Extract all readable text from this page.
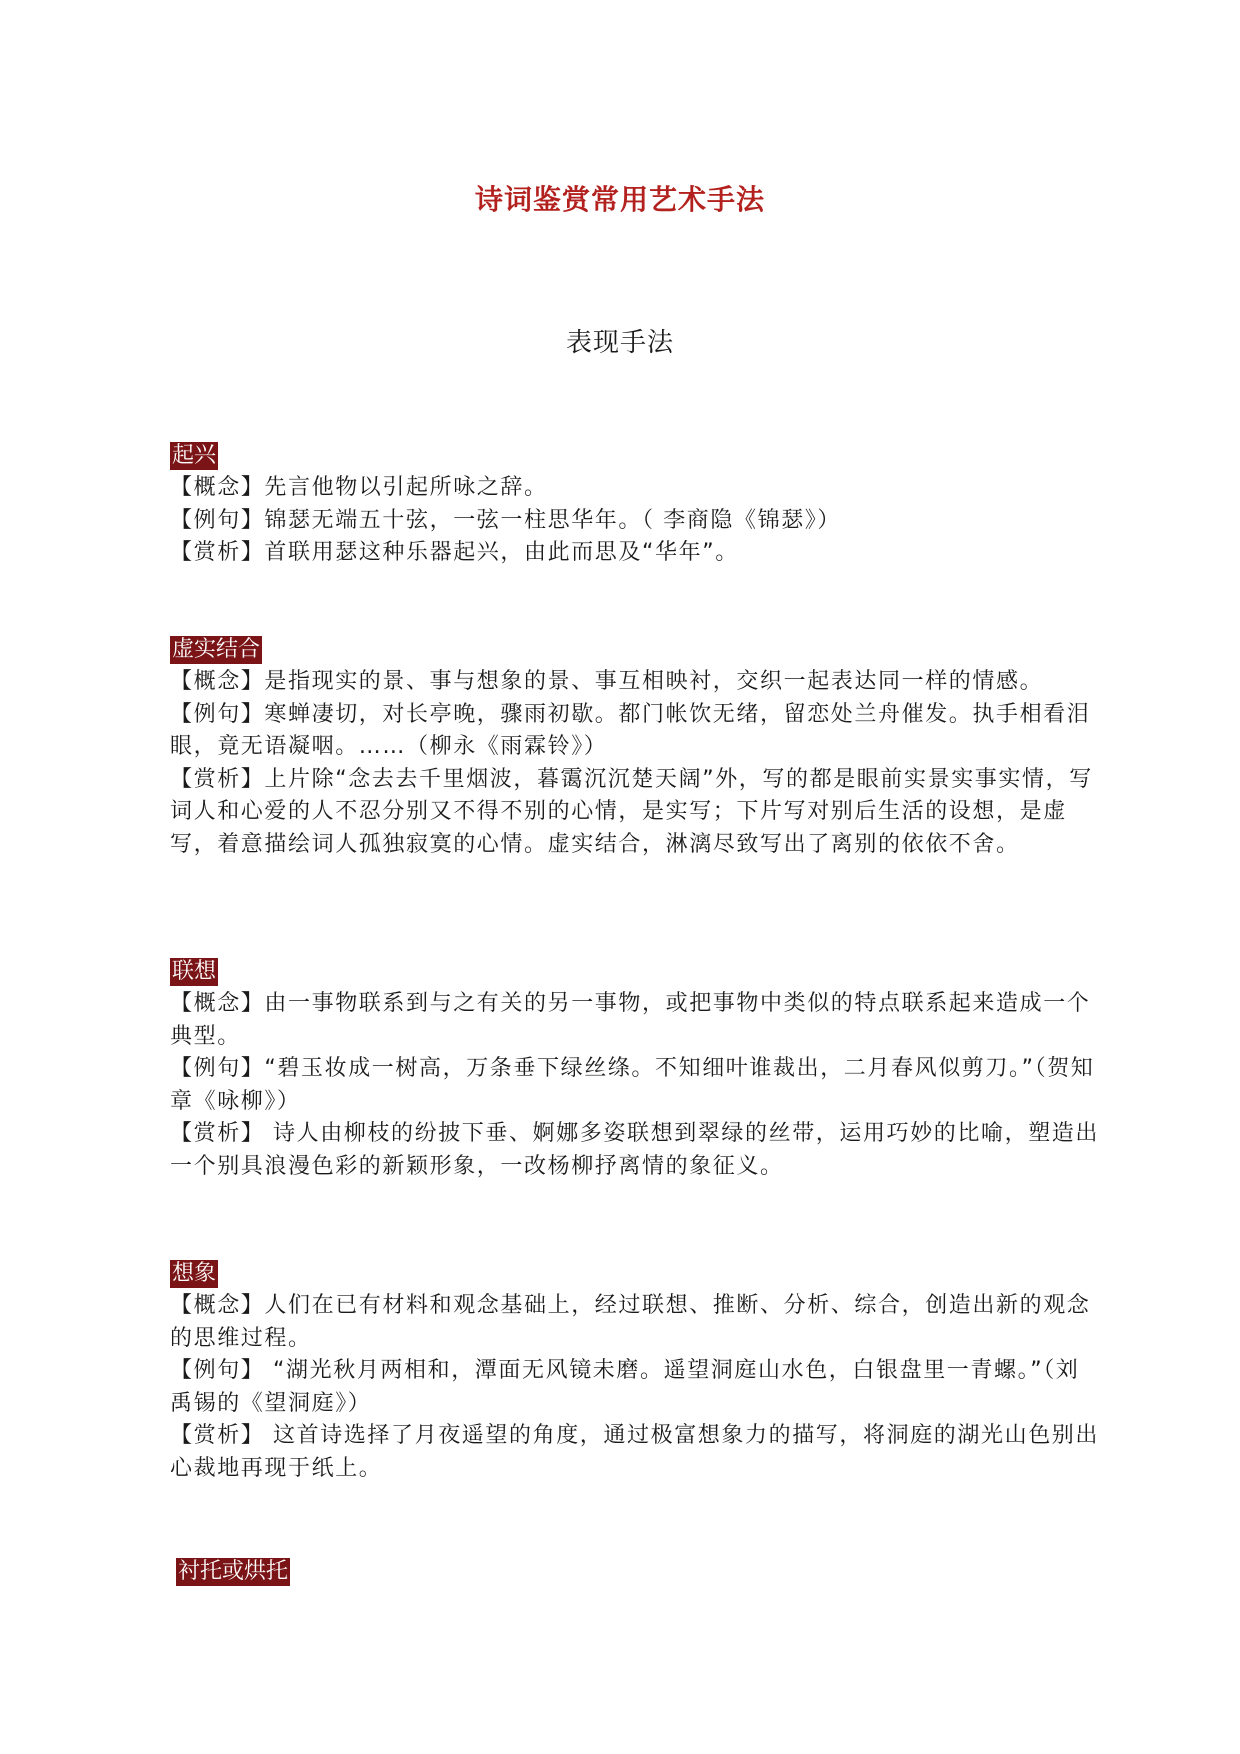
诗词鉴赏常用艺术手法
表现手法
起兴

【概念】先言他物以引起所咏之辞。

【例句】锦瑟无端五十弦，一弦一柱思华年。（ 李商隐《锦瑟》）

【赏析】首联用瑟这种乐器起兴，由此而思及“华年”。

虚实结合

【概念】是指现实的景、事与想象的景、事互相映衬，交织一起表达同一样的情感。

【例句】寒蝉凄切，对长亭晚，骤雨初歇。都门帐饮无绪，留恋处兰舟催发。执手相看泪眼，竟无语凝咽。……（柳永《雨霖铃》）

【赏析】上片除“念去去千里烟波，暮霭沉沉楚天阔”外，写的都是眼前实景实事实情，写词人和心爱的人不忍分别又不得不别的心情，是实写；下片写对别后生活的设想，是虚写，着意描绘词人孤独寂寞的心情。虚实结合，淋漓尽致写出了离别的依依不舍。

联想

【概念】由一事物联系到与之有关的另一事物，或把事物中类似的特点联系起来造成一个典型。

【例句】“碧玉妆成一树高，万条垂下绿丝绦。不知细叶谁裁出，二月春风似剪刀。”（贺知章《咏柳》）

【赏析】 诗人由柳枝的纷披下垂、婀娜多姿联想到翠绿的丝带，运用巧妙的比喻，塑造出一个别具浪漫色彩的新颖形象，一改杨柳抒离情的象征义。

想象

【概念】人们在已有材料和观念基础上，经过联想、推断、分析、综合，创造出新的观念的思维过程。

【例句】 “湖光秋月两相和，潭面无风镜未磨。遥望洞庭山水色，白银盘里一青螺。”（刘禹锡的《望洞庭》）

【赏析】 这首诗选择了月夜遥望的角度，通过极富想象力的描写，将洞庭的湖光山色别出心裁地再现于纸上。

衬托或烘托
